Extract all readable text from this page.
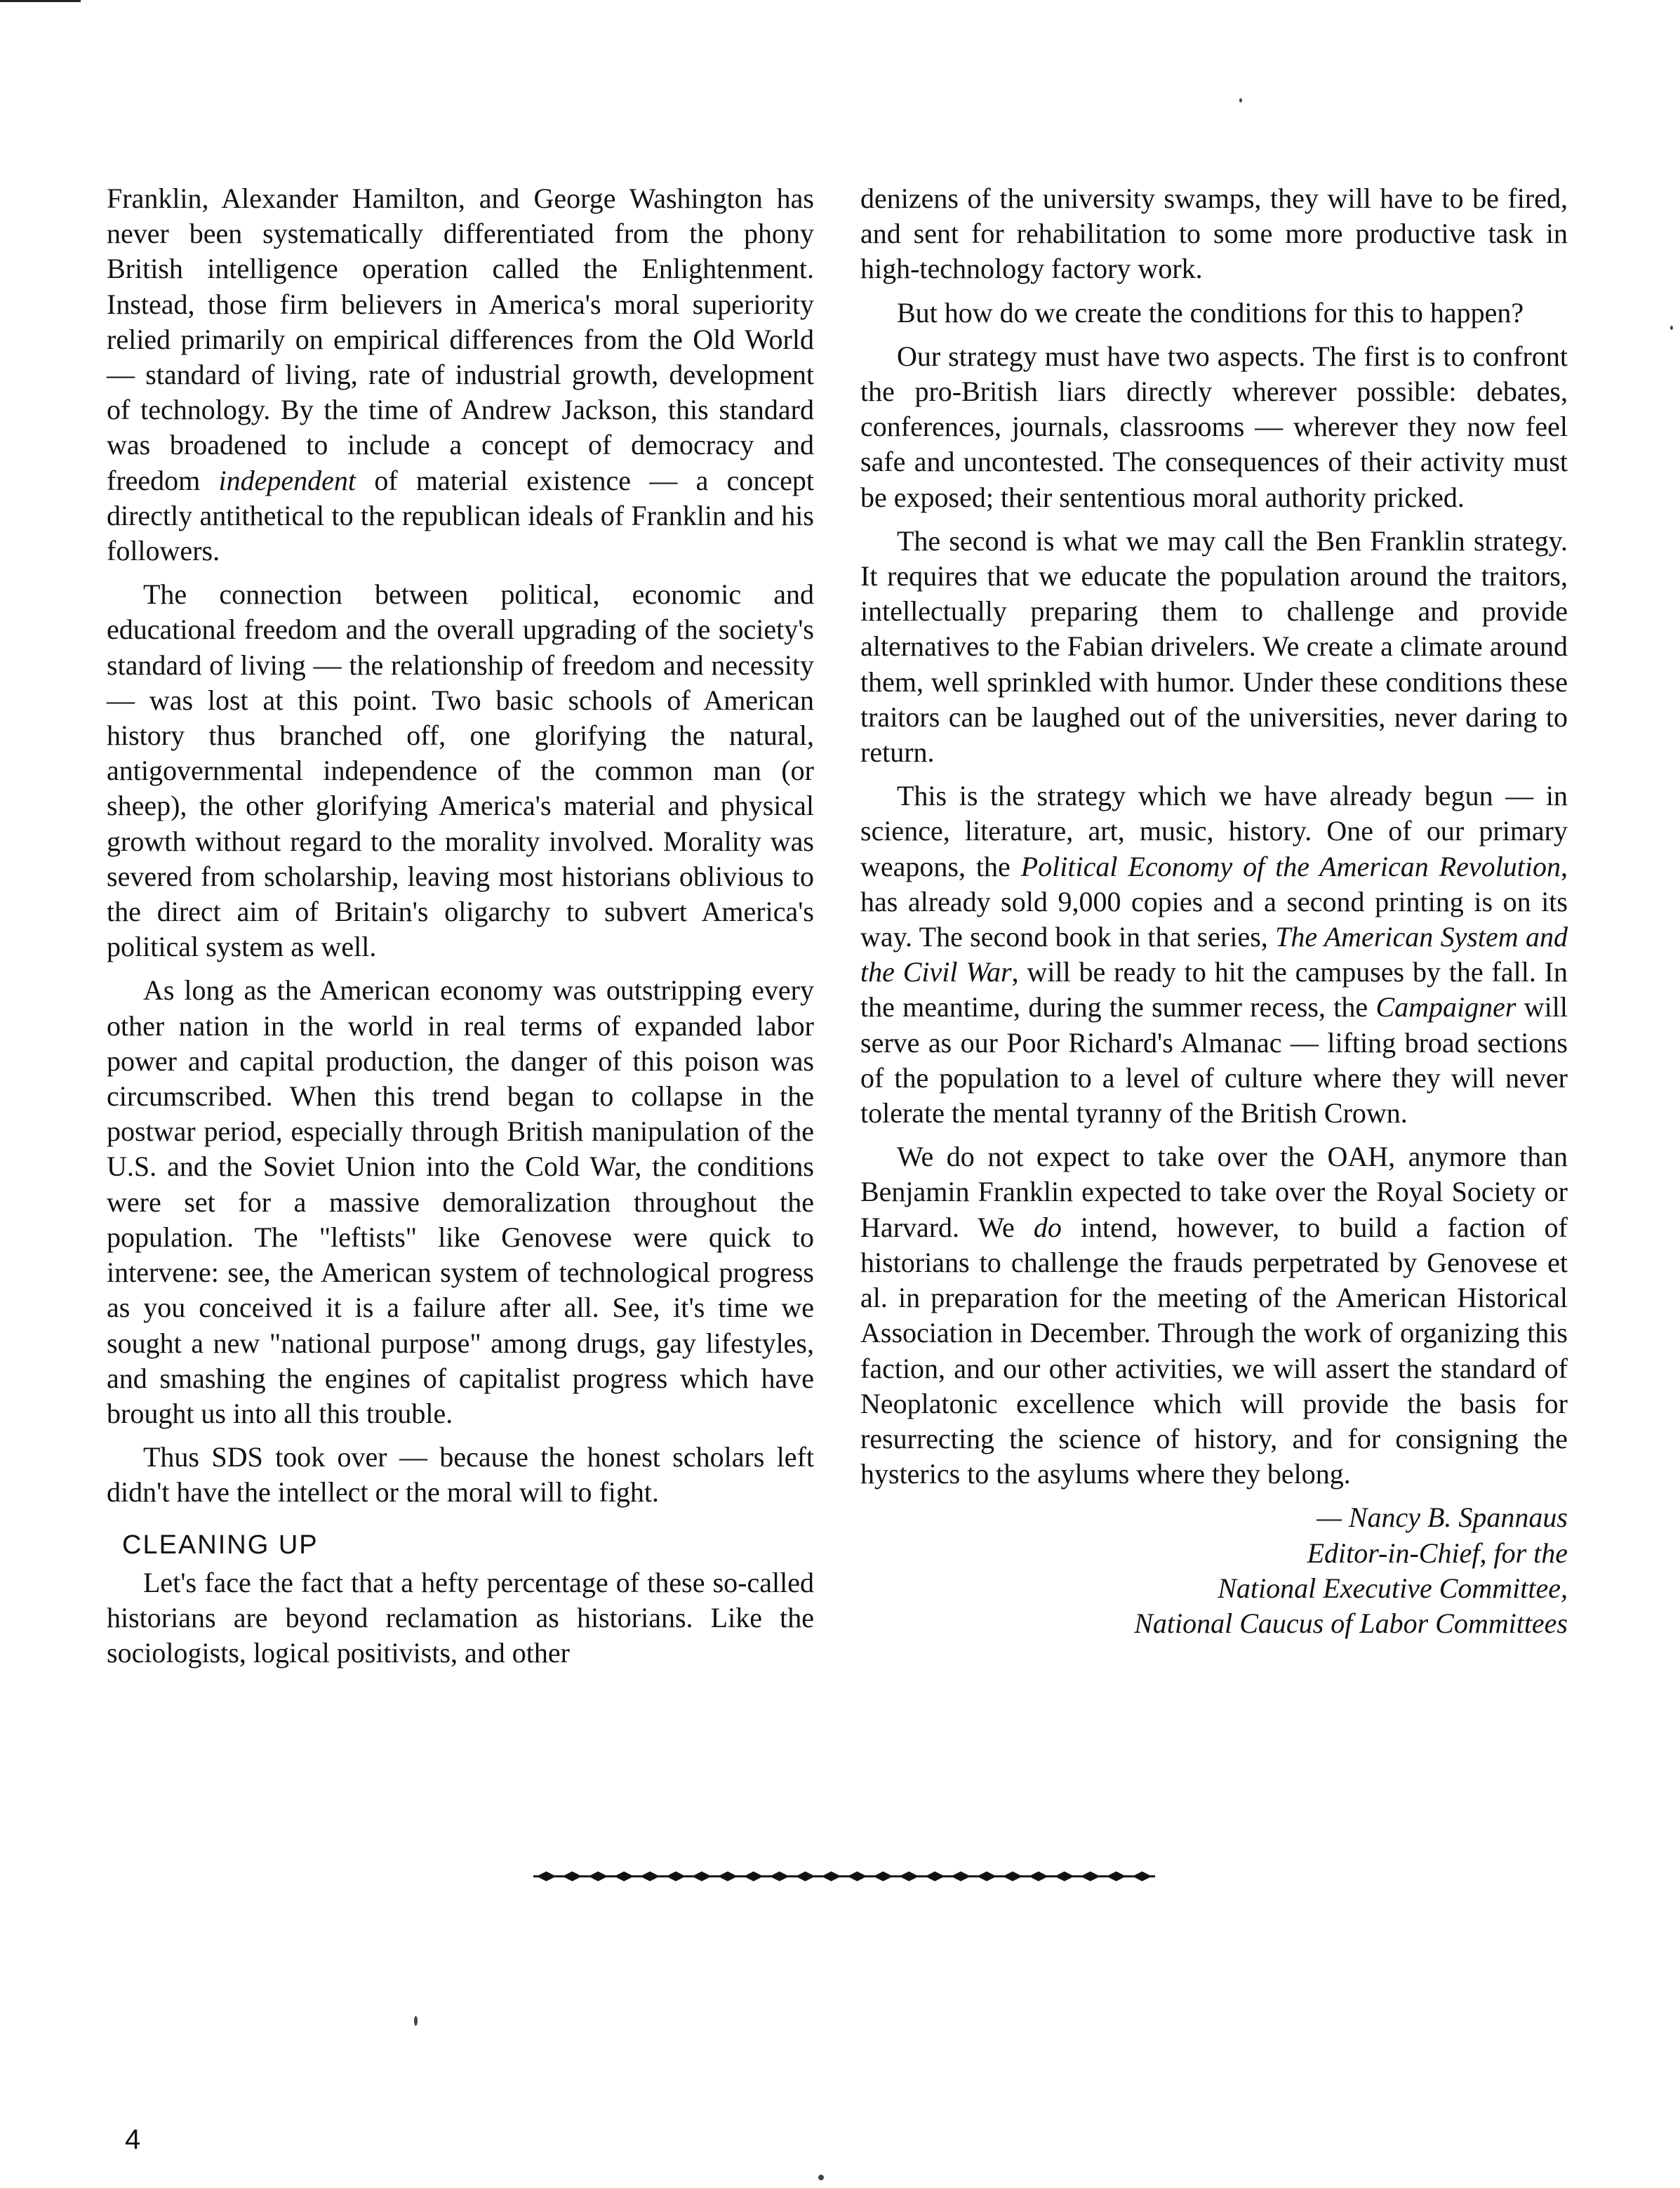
Franklin, Alexander Hamilton, and George Washington has never been systematically differentiated from the phony British intelligence operation called the Enlightenment. Instead, those firm believers in America's moral superiority relied primarily on empirical differences from the Old World — standard of living, rate of industrial growth, development of technology. By the time of Andrew Jackson, this standard was broadened to include a concept of democracy and freedom independent of material existence — a concept directly antithetical to the republican ideals of Franklin and his followers.

The connection between political, economic and educational freedom and the overall upgrading of the society's standard of living — the relationship of freedom and necessity — was lost at this point. Two basic schools of American history thus branched off, one glorifying the natural, antigovernmental independence of the common man (or sheep), the other glorifying America's material and physical growth without regard to the morality involved. Morality was severed from scholarship, leaving most historians oblivious to the direct aim of Britain's oligarchy to subvert America's political system as well.

As long as the American economy was outstripping every other nation in the world in real terms of expanded labor power and capital production, the danger of this poison was circumscribed. When this trend began to collapse in the postwar period, especially through British manipulation of the U.S. and the Soviet Union into the Cold War, the conditions were set for a massive demoralization throughout the population. The "leftists" like Genovese were quick to intervene: see, the American system of technological progress as you conceived it is a failure after all. See, it's time we sought a new "national purpose" among drugs, gay lifestyles, and smashing the engines of capitalist progress which have brought us into all this trouble.

Thus SDS took over — because the honest scholars left didn't have the intellect or the moral will to fight.

CLEANING UP

Let's face the fact that a hefty percentage of these so-called historians are beyond reclamation as historians. Like the sociologists, logical positivists, and other

denizens of the university swamps, they will have to be fired, and sent for rehabilitation to some more productive task in high-technology factory work.

But how do we create the conditions for this to happen?

Our strategy must have two aspects. The first is to confront the pro-British liars directly wherever possible: debates, conferences, journals, classrooms — wherever they now feel safe and uncontested. The consequences of their activity must be exposed; their sententious moral authority pricked.

The second is what we may call the Ben Franklin strategy. It requires that we educate the population around the traitors, intellectually preparing them to challenge and provide alternatives to the Fabian drivelers. We create a climate around them, well sprinkled with humor. Under these conditions these traitors can be laughed out of the universities, never daring to return.

This is the strategy which we have already begun — in science, literature, art, music, history. One of our primary weapons, the Political Economy of the American Revolution, has already sold 9,000 copies and a second printing is on its way. The second book in that series, The American System and the Civil War, will be ready to hit the campuses by the fall. In the meantime, during the summer recess, the Campaigner will serve as our Poor Richard's Almanac — lifting broad sections of the population to a level of culture where they will never tolerate the mental tyranny of the British Crown.

We do not expect to take over the OAH, anymore than Benjamin Franklin expected to take over the Royal Society or Harvard. We do intend, however, to build a faction of historians to challenge the frauds perpetrated by Genovese et al. in preparation for the meeting of the American Historical Association in December. Through the work of organizing this faction, and our other activities, we will assert the standard of Neoplatonic excellence which will provide the basis for resurrecting the science of history, and for consigning the hysterics to the asylums where they belong.

— Nancy B. Spannaus
Editor-in-Chief, for the
National Executive Committee,
National Caucus of Labor Committees
4
